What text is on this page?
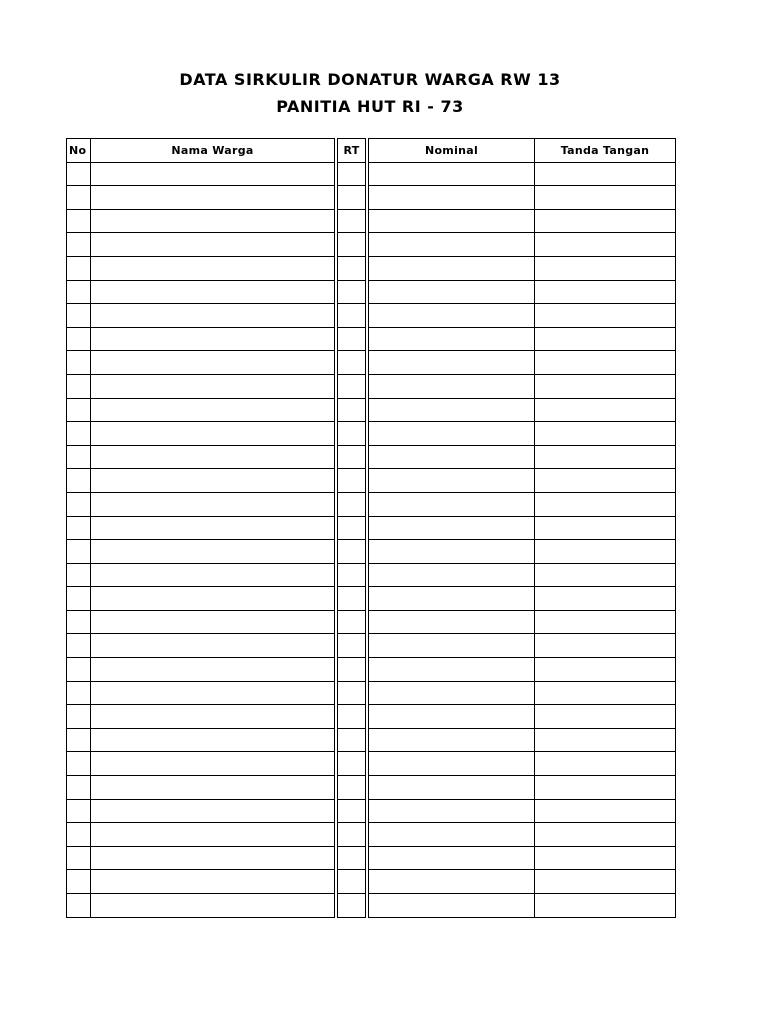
DATA SIRKULIR DONATUR WARGA RW 13
PANITIA HUT RI - 73
No	Nama Warga		RT		Nominal	Tanda Tangan
